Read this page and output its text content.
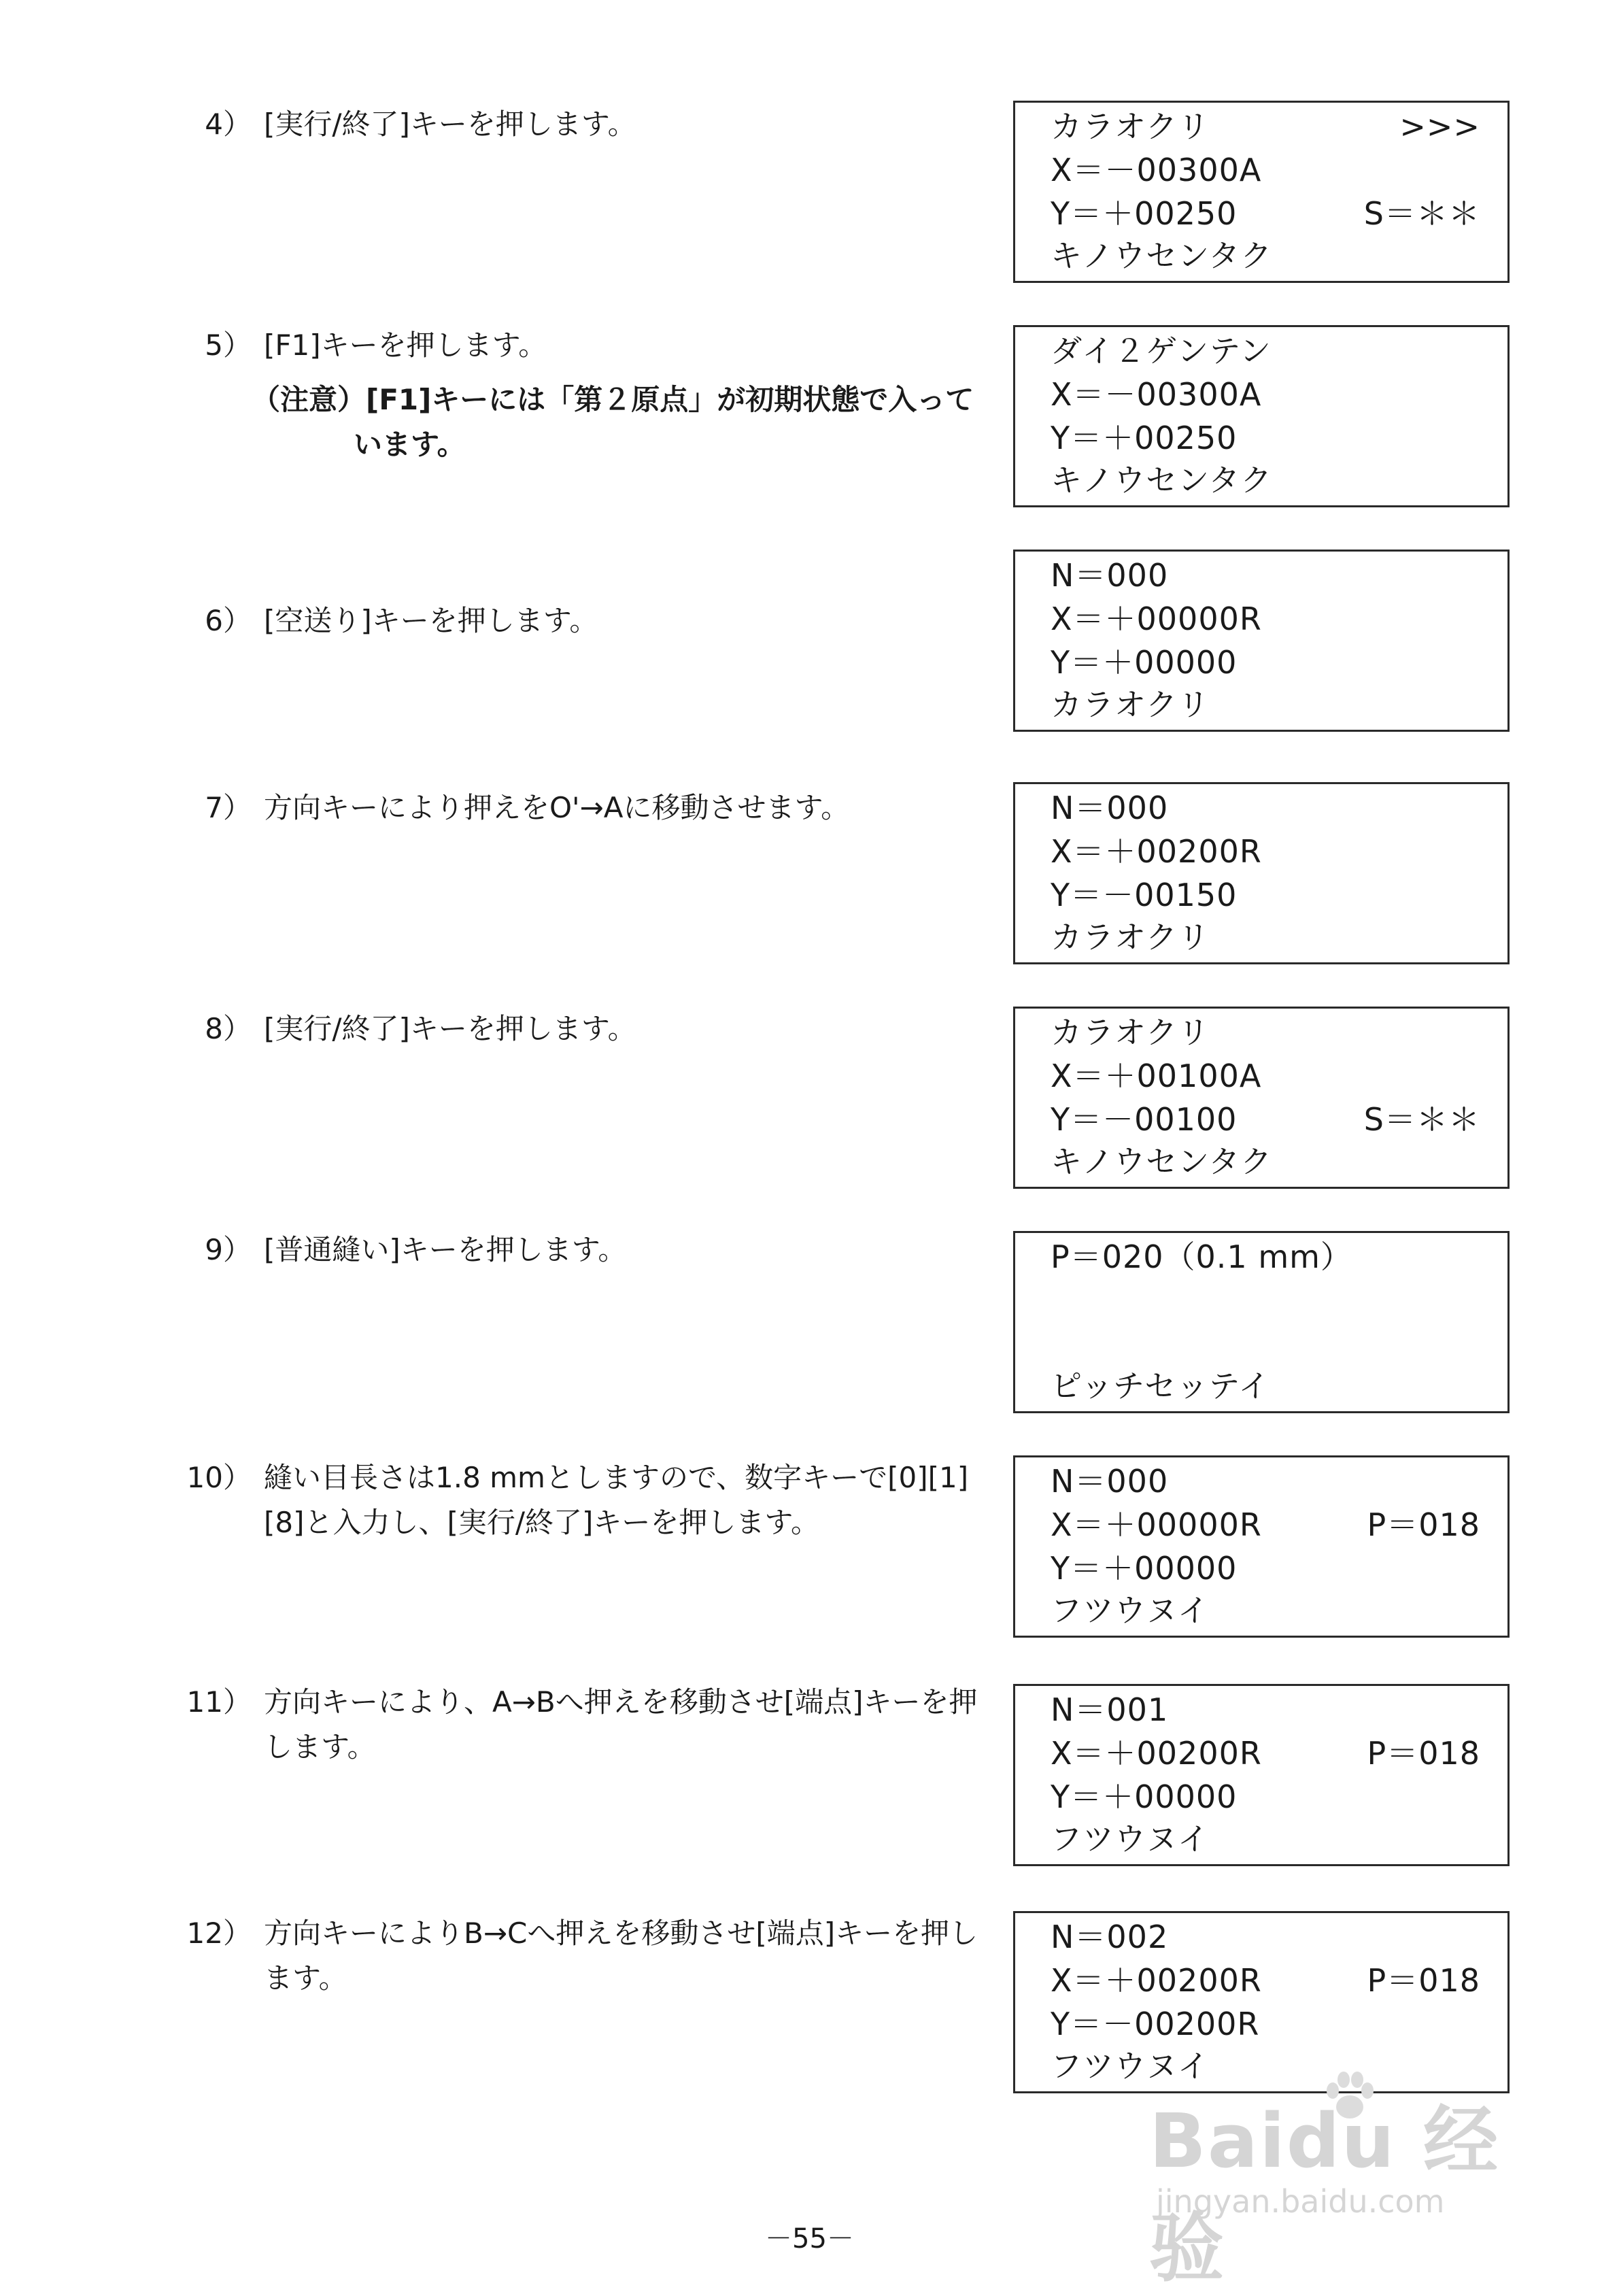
4） [実行/終了]キーを押します。
5） [F1]キーを押します。
（注意）[F1]キーには「第２原点」が初期状態で入って
います。
6） [空送り]キーを押します。
7） 方向キーにより押えをO'→Aに移動させます。
8） [実行/終了]キーを押します。
9） [普通縫い]キーを押します。
10） 縫い目長さは1.8 mmとしますので、数字キーで[0][1]
[8]と入力し、[実行/終了]キーを押します。
11） 方向キーにより、A→Bへ押えを移動させ[端点]キーを押
します。
12） 方向キーによりB→Cへ押えを移動させ[端点]キーを押し
ます。
カラオクリ	>>>
X＝－00300A
Y＝＋00250	S＝＊＊
キノウセンタク
ダイ２ゲンテン
X＝－00300A
Y＝＋00250
キノウセンタク
N＝000
X＝＋00000R
Y＝＋00000
カラオクリ
N＝000
X＝＋00200R
Y＝－00150
カラオクリ
カラオクリ
X＝＋00100A
Y＝－00100	S＝＊＊
キノウセンタク
P＝020（0.1 mm）
ピッチセッテイ
N＝000
X＝＋00000R	P＝018
Y＝＋00000
フツウヌイ
N＝001
X＝＋00200R	P＝018
Y＝＋00000
フツウヌイ
N＝002
X＝＋00200R	P＝018
Y＝－00200R
フツウヌイ
Baidu 经验
jingyan.baidu.com
－55－
